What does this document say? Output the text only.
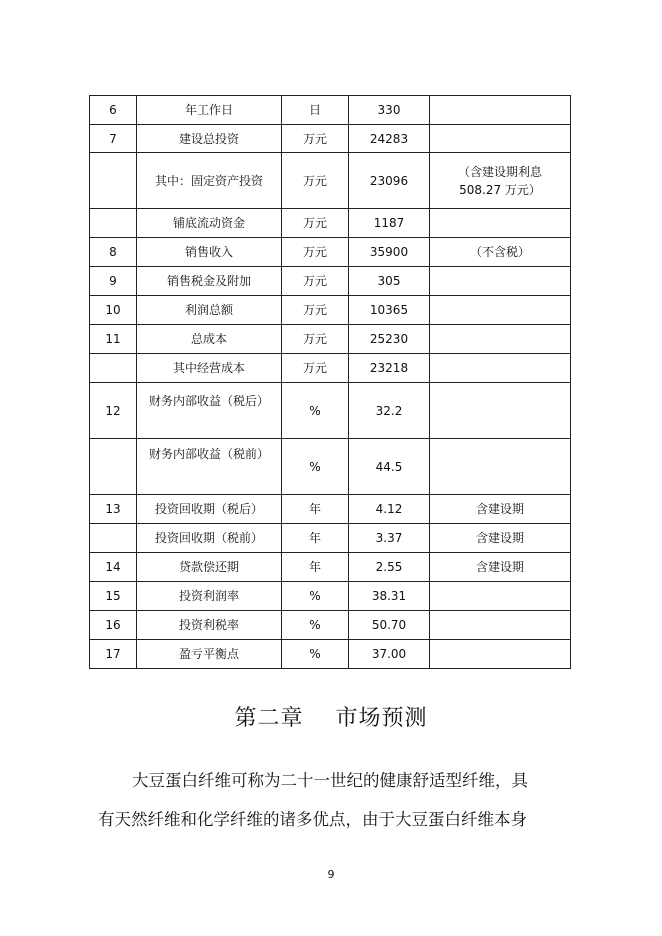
6	年工作日	日	330	
7	建设总投资	万元	24283	
	其中：固定资产投资	万元	23096	（含建设期利息
508.27 万元）

	铺底流动资金	万元	1187	
8	销售收入	万元	35900	（不含税）
9	销售税金及附加	万元	305	
10	利润总额	万元	10365	
11	总成本	万元	25230	
	其中经营成本	万元	23218	
12	财务内部收益（税后）	%	32.2	

	财务内部收益（税前）	%	44.5	
13	投资回收期（税后）	年	4.12	含建设期
	投资回收期（税前）	年	3.37	含建设期
14	贷款偿还期	年	2.55	含建设期
15	投资利润率	%	38.31	
16	投资利税率	%	50.70	
17	盈亏平衡点	%	37.00	
第二章    市场预测
大豆蛋白纤维可称为二十一世纪的健康舒适型纤维，具
有天然纤维和化学纤维的诸多优点，由于大豆蛋白纤维本身
9
